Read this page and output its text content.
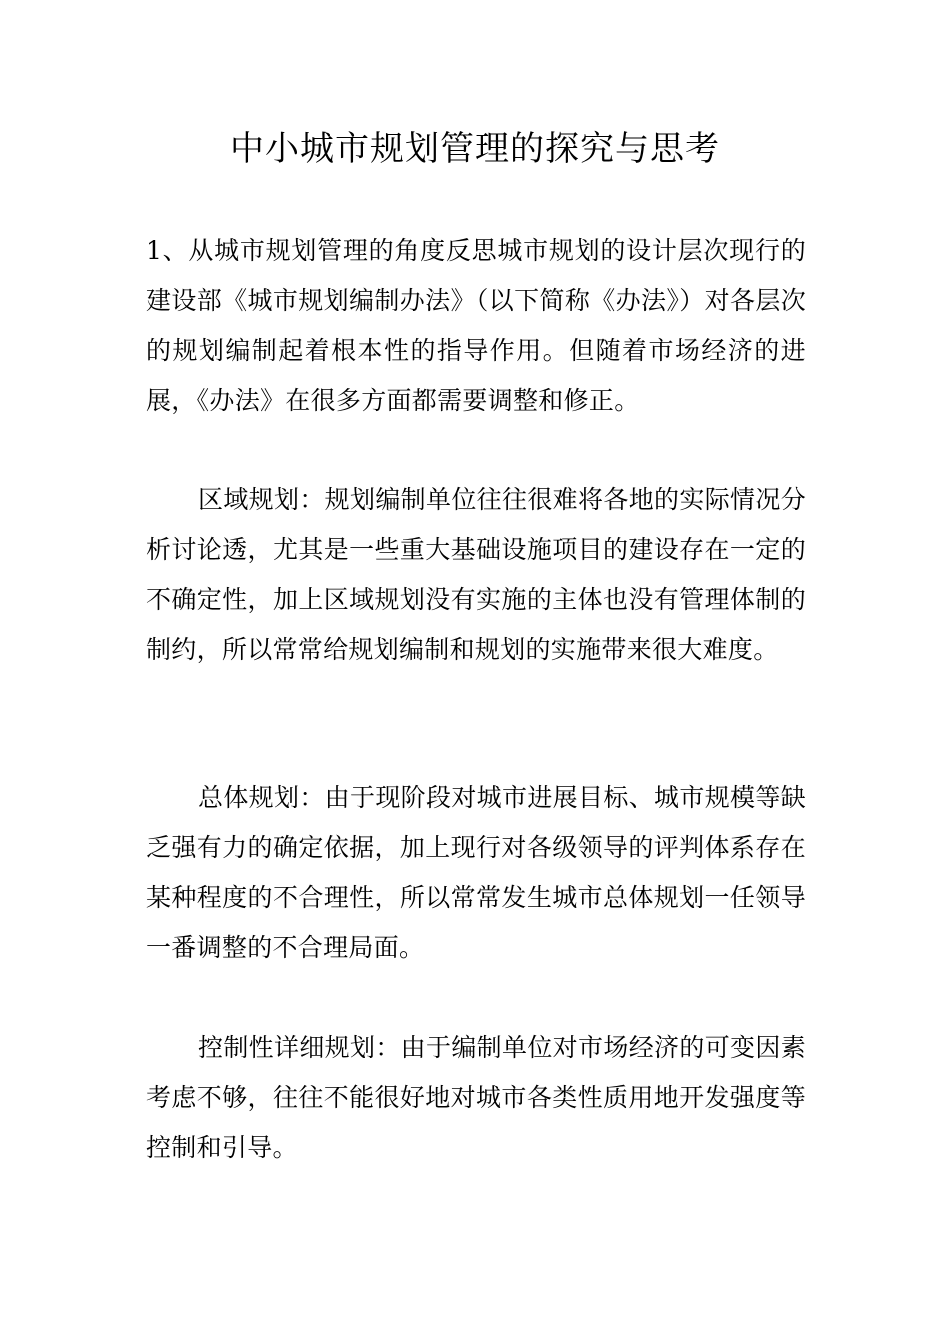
中小城市规划管理的探究与思考

1、从城市规划管理的角度反思城市规划的设计层次现行的建设部《城市规划编制办法》（以下简称《办法》）对各层次的规划编制起着根本性的指导作用。但随着市场经济的进展，《办法》在很多方面都需要调整和修正。

区域规划：规划编制单位往往很难将各地的实际情况分析讨论透，尤其是一些重大基础设施项目的建设存在一定的不确定性，加上区域规划没有实施的主体也没有管理体制的制约，所以常常给规划编制和规划的实施带来很大难度。

总体规划：由于现阶段对城市进展目标、城市规模等缺乏强有力的确定依据，加上现行对各级领导的评判体系存在某种程度的不合理性，所以常常发生城市总体规划一任领导一番调整的不合理局面。

控制性详细规划：由于编制单位对市场经济的可变因素考虑不够，往往不能很好地对城市各类性质用地开发强度等控制和引导。
